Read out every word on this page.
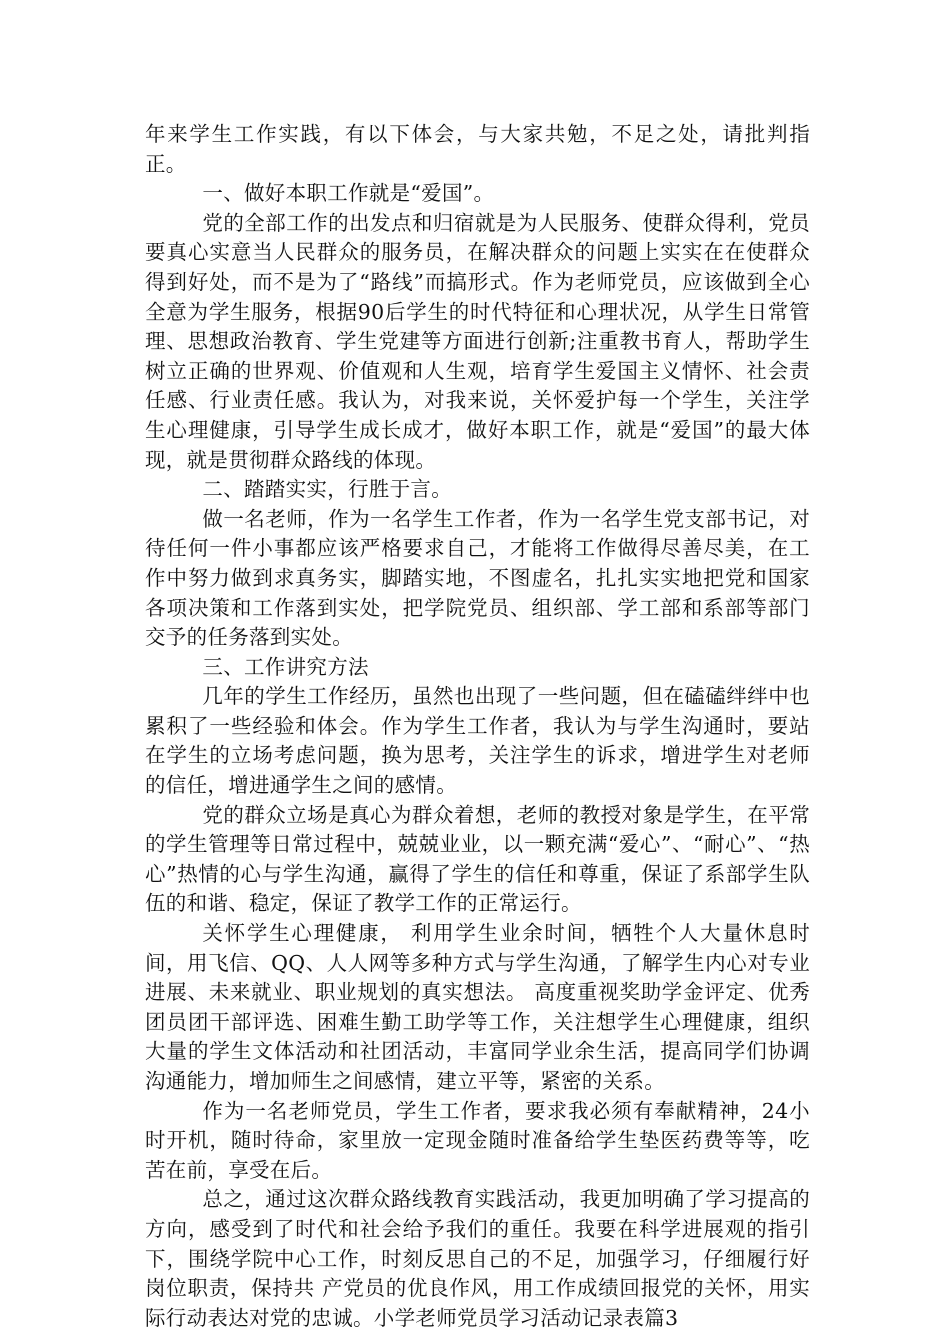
年来学生工作实践，有以下体会，与大家共勉，不足之处，请批判指正。

一、做好本职工作就是“爱国”。

党的全部工作的出发点和归宿就是为人民服务、使群众得利，党员要真心实意当人民群众的服务员，在解决群众的问题上实实在在使群众得到好处，而不是为了“路线”而搞形式。作为老师党员，应该做到全心全意为学生服务，根据90后学生的时代特征和心理状况，从学生日常管理、思想政治教育、学生党建等方面进行创新;注重教书育人，帮助学生树立正确的世界观、价值观和人生观，培育学生爱国主义情怀、社会责任感、行业责任感。我认为，对我来说，关怀爱护每一个学生，关注学生心理健康，引导学生成长成才，做好本职工作，就是“爱国”的最大体现，就是贯彻群众路线的体现。

二、踏踏实实，行胜于言。

做一名老师，作为一名学生工作者，作为一名学生党支部书记，对待任何一件小事都应该严格要求自己，才能将工作做得尽善尽美，在工作中努力做到求真务实，脚踏实地，不图虚名，扎扎实实地把党和国家各项决策和工作落到实处，把学院党员、组织部、学工部和系部等部门交予的任务落到实处。

三、工作讲究方法

几年的学生工作经历，虽然也出现了一些问题，但在磕磕绊绊中也累积了一些经验和体会。作为学生工作者，我认为与学生沟通时，要站在学生的立场考虑问题，换为思考，关注学生的诉求，增进学生对老师的信任，增进通学生之间的感情。

党的群众立场是真心为群众着想，老师的教授对象是学生，在平常的学生管理等日常过程中，兢兢业业，以一颗充满“爱心”、“耐心”、“热心”热情的心与学生沟通，赢得了学生的信任和尊重，保证了系部学生队伍的和谐、稳定，保证了教学工作的正常运行。

关怀学生心理健康， 利用学生业余时间，牺牲个人大量休息时间，用飞信、QQ、人人网等多种方式与学生沟通，了解学生内心对专业进展、未来就业、职业规划的真实想法。 高度重视奖助学金评定、优秀团员团干部评选、困难生勤工助学等工作，关注想学生心理健康，组织大量的学生文体活动和社团活动，丰富同学业余生活，提高同学们协调沟通能力，增加师生之间感情，建立平等，紧密的关系。

作为一名老师党员，学生工作者，要求我必须有奉献精神，24小时开机，随时待命，家里放一定现金随时准备给学生垫医药费等等，吃苦在前，享受在后。

总之，通过这次群众路线教育实践活动，我更加明确了学习提高的方向，感受到了时代和社会给予我们的重任。我要在科学进展观的指引下，围绕学院中心工作，时刻反思自己的不足，加强学习，仔细履行好岗位职责，保持共 产党员的优良作风，用工作成绩回报党的关怀，用实际行动表达对党的忠诚。小学老师党员学习活动记录表篇3
